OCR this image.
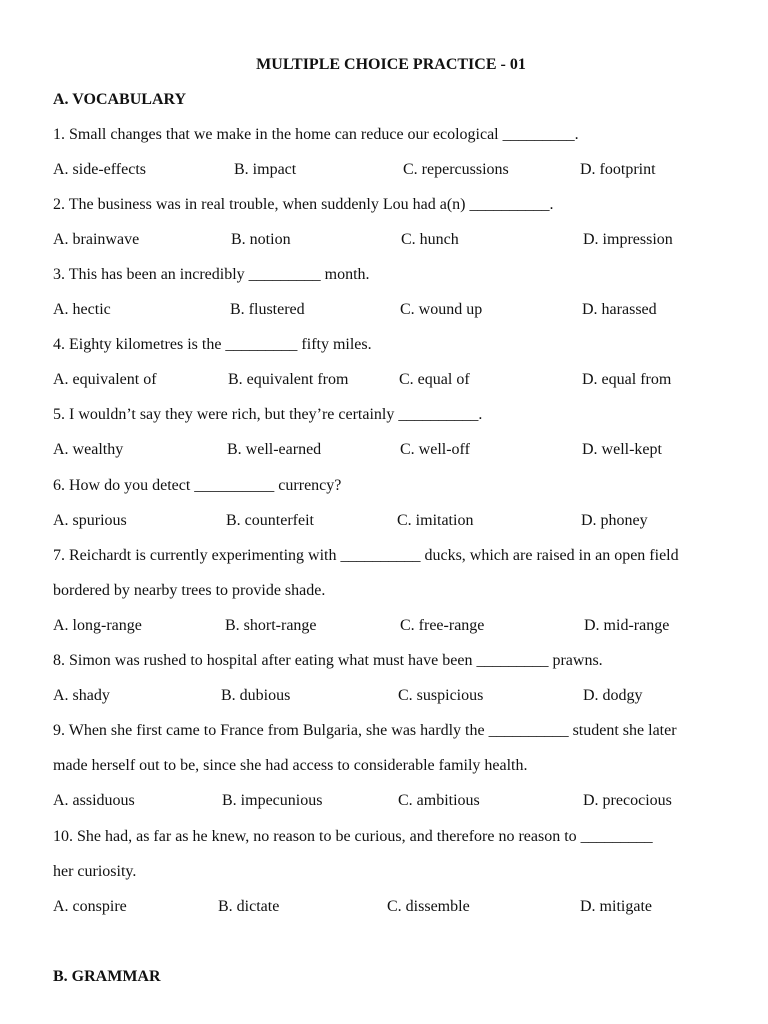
MULTIPLE CHOICE PRACTICE - 01
A. VOCABULARY
1. Small changes that we make in the home can reduce our ecological _________.
A. side-effects	B. impact	C. repercussions	D. footprint
2. The business was in real trouble, when suddenly Lou had a(n) __________.
A. brainwave	B. notion	C. hunch	D. impression
3. This has been an incredibly _________ month.
A. hectic	B. flustered	C. wound up	D. harassed
4. Eighty kilometres is the _________ fifty miles.
A. equivalent of	B. equivalent from	C. equal of	D. equal from
5. I wouldn’t say they were rich, but they’re certainly __________.
A. wealthy	B. well-earned	C. well-off	D. well-kept
6. How do you detect __________ currency?
A. spurious	B. counterfeit	C. imitation	D. phoney
7. Reichardt is currently experimenting with __________ ducks, which are raised in an open field
bordered by nearby trees to provide shade.
A. long-range	B. short-range	C. free-range	D. mid-range
8. Simon was rushed to hospital after eating what must have been _________ prawns.
A. shady	B. dubious	C. suspicious	D. dodgy
9. When she first came to France from Bulgaria, she was hardly the __________ student she later
made herself out to be, since she had access to considerable family health.
A. assiduous	B. impecunious	C. ambitious	D. precocious
10. She had, as far as he knew, no reason to be curious, and therefore no reason to _________
her curiosity.
A. conspire	B. dictate	C. dissemble	D. mitigate
B. GRAMMAR
